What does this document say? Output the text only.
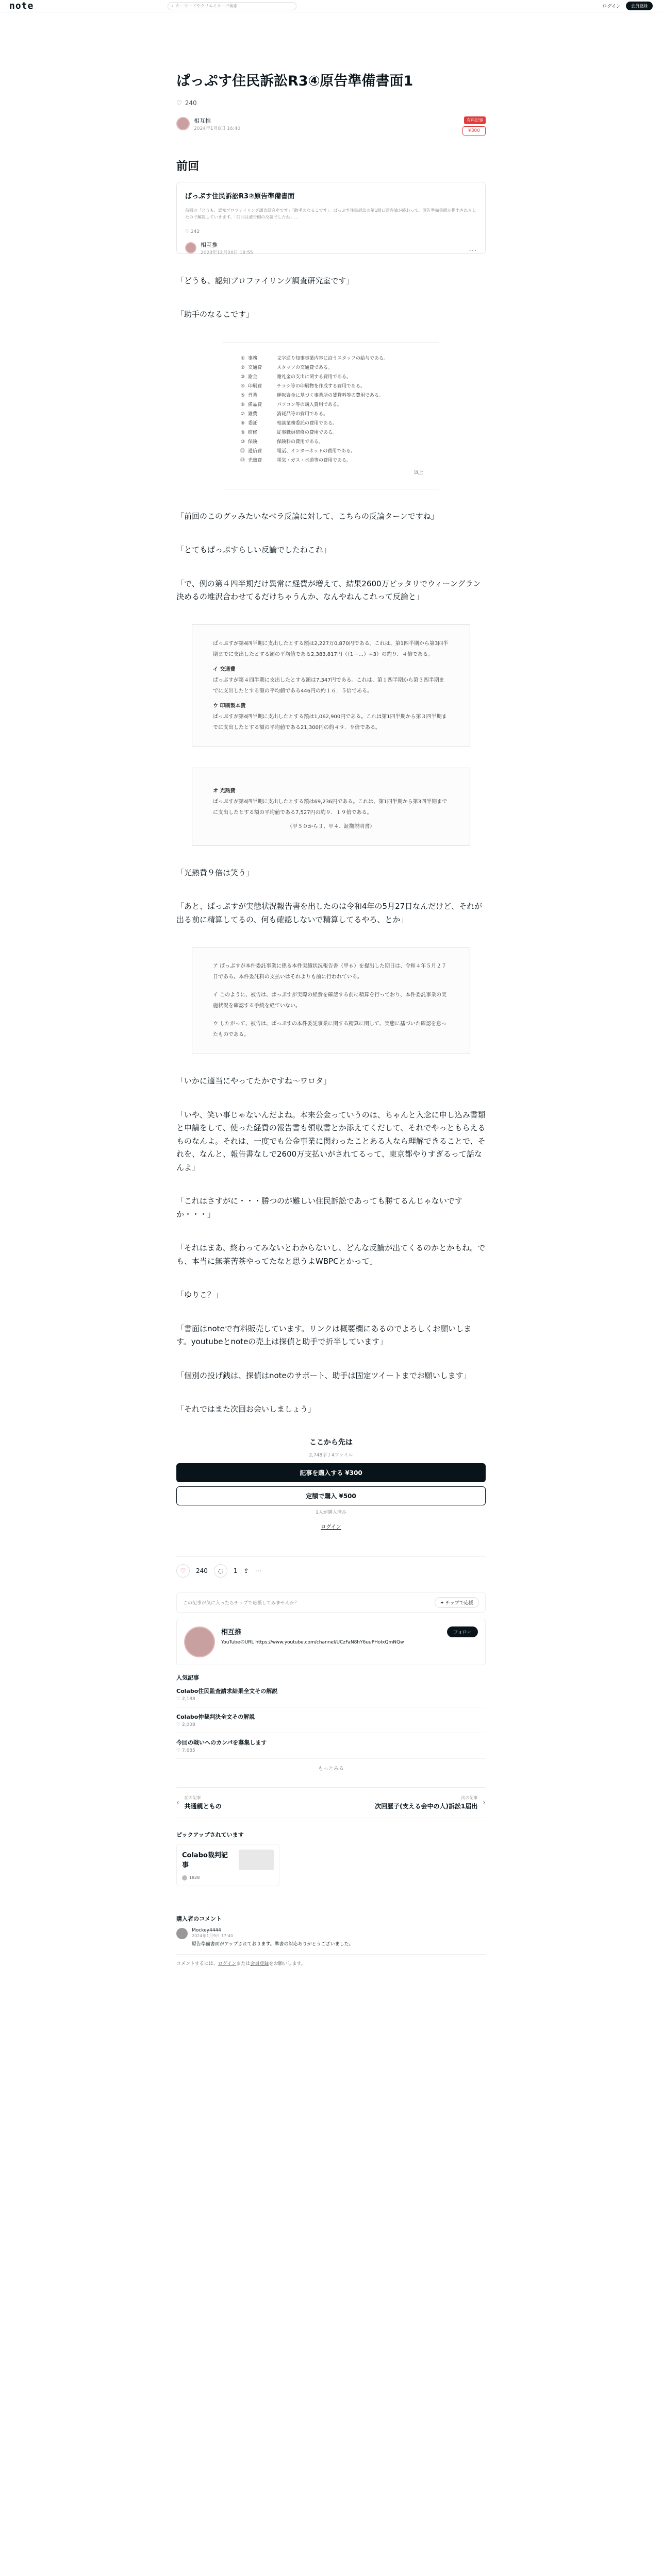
note	⌕ キーワードやクリエイターで検索	ログイン	会員登録
ぱっぷす住民訴訟R3④原告準備書面1
♡ 240
相互推
2024年1月8日 16:40
有料記事
¥300
前回
ぱっぷす住民訴訟R3②原告準備書面
前回の「どうも、認知プロファイリング調査研究室です」「助手のなるこです」。ぱっぷす住民訴訟の第1回口頭弁論が終わって、原告準備書面が提出されましたので解説していきます。「前回は被告側の反論でしたね」…
♡ 242
相互推
2023年12月20日 18:55	…

「どうも、認知プロファイリング調査研究室です」

「助手のなるこです」

① 事務	文字通り知事事業内容に沿うスタッフの給与である。
② 交通費	スタッフの交通費である。
③ 謝金	謝礼金の支出に関する費用である。
④ 印刷費	チラシ等の印刷物を作成する費用である。
⑤ 営業	運転資金に基づく事業所の賃貸料等の費用である。
⑥ 備品費	パソコン等の購入費用である。
⑦ 雑費	消耗品等の費用である。
⑧ 委託	相談業務委託の費用である。
⑨ 研修	従事職員研修の費用である。
⑩ 保険	保険料の費用である。
⑪ 通信費	電話、インターネットの費用である。
⑫ 光熱費	電気・ガス・水道等の費用である。
以上

「前回のこのグッみたいなベラ反論に対して、こちらの反論ターンですね」

「とてもぱっぷすらしい反論でしたねこれ」

「で、例の第４四半期だけ異常に経費が増えて、結果2600万ピッタリでウィーングラン決めるの堆沢合わせてるだけちゃうんか、なんやねんこれって反論と」

ぱっぷすが第4四半期に支出したとする額は2,227万0,870円である。これは、第1四半期から第3四半期までに支出したとする額の平均値である2,383,817円（（1＋…）÷3）の約９．４倍である。
イ 交通費
ぱっぷすが第４四半期に支出したとする額は7,347円である。これは、第１四半期から第３四半期までに支出したとする額の平均値である446円の約１６．５倍である。
ウ 印刷製本費
ぱっぷすが第4四半期に支出したとする額は1,062,900円である。これは第1四半期から第３四半期までに支出したとする額の平均値である21,300円の約４９．９倍である。
オ 光熱費
ぱっぷすが第4四半期に支出したとする額は69,236円である。これは、第1四半期から第3四半期までに支出したとする額の平均値である7,527円の約９．１９倍である。
（甲５０から３、甲４、証拠説明書）

「光熱費９倍は笑う」

「あと、ぱっぷすが実態状況報告書を出したのは令和4年の5月27日なんだけど、それが出る前に精算してるの、何も確認しないで精算してるやろ、とか」

ア ぱっぷすが本件委託事業に係る本件実績状況報告書（甲６）を提出した期日は、令和４年５月２７日である。本件委託料の支払いはそれよりも前に行われている。
イ このように、被告は、ぱっぷすが実際の経費を確認する前に精算を行っており、本件委託事業の実施状況を確認する手続を経ていない。
ウ したがって、被告は、ぱっぷすの本件委託事業に関する精算に関して、実態に基づいた確認を怠ったものである。

「いかに適当にやってたかですね〜ワロタ」

「いや、笑い事じゃないんだよね。本来公金っていうのは、ちゃんと入念に申し込み書類と申請をして、使った経費の報告書も領収書とか添えてくだして、それでやっともらえるものなんよ。それは、一度でも公金事業に関わったことある人なら理解できることで、それを、なんと、報告書なしで2600万支払いがされてるって、東京都やりすぎるって話なんよ」

「これはさすがに・・・勝つのが難しい住民訴訟であっても勝てるんじゃないですか・・・」

「それはまあ、終わってみないとわからないし、どんな反論が出てくるのかとかもね。でも、本当に無茶苦茶やってたなと思うよWBPCとかって」

「ゆりこ？」

「書面はnoteで有料販売しています。リンクは概要欄にあるのでよろしくお願いします。youtubeとnoteの売上は探偵と助手で折半しています」

「個別の投げ銭は、探偵はnoteのサポート、助手は固定ツイートまでお願いします」

「それではまた次回お会いしましょう」

ここから先は
2,748字 / 4ファイル
記事を購入する ¥300
定額で購入 ¥500
1人が購入済み
ログイン
♡ 240 ◌ 1 ⇪ ⋯
この記事が気に入ったらチップで応援してみませんか？	✦ チップで応援
相互推
YouTubeのURL https://www.youtube.com/channel/UCzFaN8hY6uuPHoIxQmNQw
フォロー
人気記事
Colabo住民監査請求結果全文その解説
♡ 2,188
Colabo仲裁判決全文その解説
♡ 2,008
今回の戦いへのカンパを募集します
♡ 7,685
もっとみる
‹
前の記事
共通親ともの
次の記事
次回歴子(支える会中の人)訴訟1届出 ›
ピックアップされています
Colabo裁判記事
1828
購入者のコメント
Mockey4444
2024年1月9日 17:40
原告準備書面がアップされております。準書の対応ありがとうございました。
コメントするには、ログインまたは会員登録をお願いします。
